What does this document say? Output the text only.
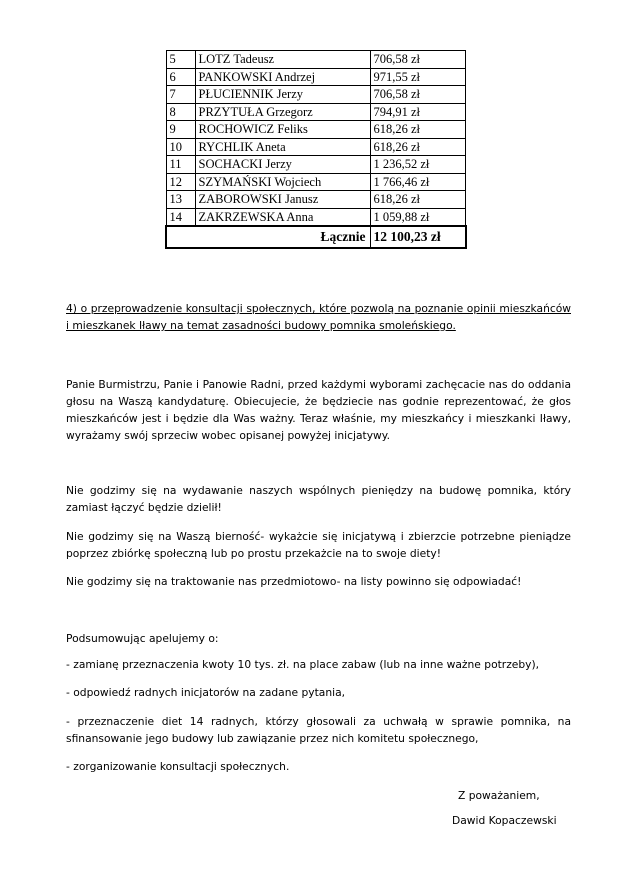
5	LOTZ Tadeusz	706,58 zł
6	PANKOWSKI Andrzej	971,55 zł
7	PŁUCIENNIK Jerzy	706,58 zł
8	PRZYTUŁA Grzegorz	794,91 zł
9	ROCHOWICZ Feliks	618,26 zł
10	RYCHLIK Aneta	618,26 zł
11	SOCHACKI Jerzy	1 236,52 zł
12	SZYMAŃSKI Wojciech	1 766,46 zł
13	ZABOROWSKI Janusz	618,26 zł
14	ZAKRZEWSKA Anna	1 059,88 zł
Łącznie		12 100,23 zł
4) o przeprowadzenie konsultacji społecznych, które pozwolą na poznanie opinii mieszkańców i mieszkanek Iławy na temat zasadności budowy pomnika smoleńskiego.
Panie Burmistrzu, Panie i Panowie Radni, przed każdymi wyborami zachęcacie nas do oddania głosu na Waszą kandydaturę. Obiecujecie, że będziecie nas godnie reprezentować, że głos mieszkańców jest i będzie dla Was ważny. Teraz właśnie, my mieszkańcy i mieszkanki Iławy, wyrażamy swój sprzeciw wobec opisanej powyżej inicjatywy.
Nie godzimy się na wydawanie naszych wspólnych pieniędzy na budowę pomnika, który zamiast łączyć będzie dzielił!
Nie godzimy się na Waszą bierność- wykażcie się inicjatywą i zbierzcie potrzebne pieniądze poprzez zbiórkę społeczną lub po prostu przekażcie na to swoje diety!
Nie godzimy się na traktowanie nas przedmiotowo- na listy powinno się odpowiadać!
Podsumowując apelujemy o:
- zamianę przeznaczenia kwoty 10 tys. zł. na place zabaw (lub na inne ważne potrzeby),
- odpowiedź radnych inicjatorów na zadane pytania,
- przeznaczenie diet 14 radnych, którzy głosowali za uchwałą w sprawie pomnika, na sfinansowanie jego budowy lub zawiązanie przez nich komitetu społecznego,
- zorganizowanie konsultacji społecznych.
Z poważaniem,
Dawid Kopaczewski
